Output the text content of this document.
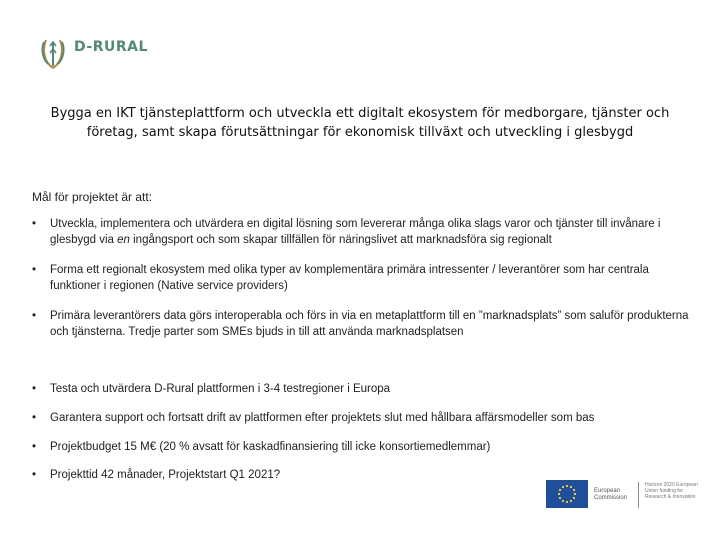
D-RURAL
Bygga en IKT tjänsteplattform och utveckla ett digitalt ekosystem för medborgare, tjänster och företag, samt skapa förutsättningar för ekonomisk tillväxt och utveckling i glesbygd
Mål för projektet är att:
• Utveckla, implementera och utvärdera en digital lösning som levererar många olika slags varor och tjänster till invånare i glesbygd via en ingångsport och som skapar tillfällen för näringslivet att marknadsföra sig regionalt
• Forma ett regionalt ekosystem med olika typer av komplementära primära intressenter / leverantörer som har centrala funktioner i regionen (Native service providers)
• Primära leverantörers data görs interoperabla och förs in via en metaplattform till en ”marknadsplats” som saluför produkterna och tjänsterna. Tredje parter som SMEs bjuds in till att använda marknadsplatsen
• Testa och utvärdera D-Rural plattformen i 3-4 testregioner i Europa
• Garantera support och fortsatt drift av plattformen efter projektets slut med hållbara affärsmodeller som bas
• Projektbudget 15 M€ (20 % avsatt för kaskadfinansiering till icke konsortiemedlemmar)
• Projekttid 42 månader, Projektstart Q1 2021?
European Commission
Horizon 2020 European Union funding for Research & Innovation
